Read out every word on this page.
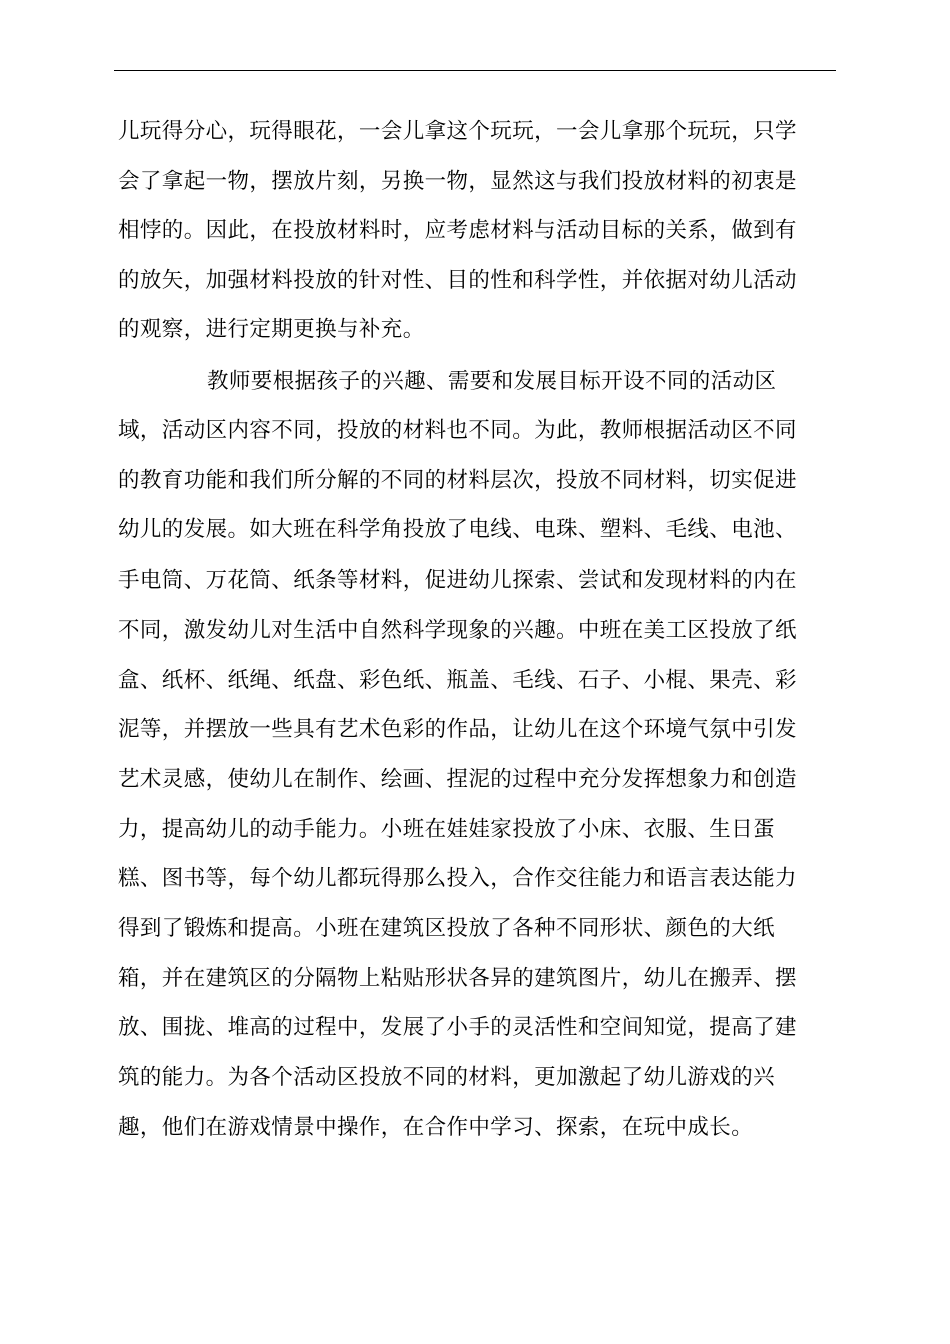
儿玩得分心，玩得眼花，一会儿拿这个玩玩，一会儿拿那个玩玩，只学
会了拿起一物，摆放片刻，另换一物，显然这与我们投放材料的初衷是
相悖的。因此，在投放材料时，应考虑材料与活动目标的关系，做到有
的放矢，加强材料投放的针对性、目的性和科学性，并依据对幼儿活动
的观察，进行定期更换与补充。
教师要根据孩子的兴趣、需要和发展目标开设不同的活动区
域，活动区内容不同，投放的材料也不同。为此，教师根据活动区不同
的教育功能和我们所分解的不同的材料层次，投放不同材料，切实促进
幼儿的发展。如大班在科学角投放了电线、电珠、塑料、毛线、电池、
手电筒、万花筒、纸条等材料，促进幼儿探索、尝试和发现材料的内在
不同，激发幼儿对生活中自然科学现象的兴趣。中班在美工区投放了纸
盒、纸杯、纸绳、纸盘、彩色纸、瓶盖、毛线、石子、小棍、果壳、彩
泥等，并摆放一些具有艺术色彩的作品，让幼儿在这个环境气氛中引发
艺术灵感，使幼儿在制作、绘画、捏泥的过程中充分发挥想象力和创造
力，提高幼儿的动手能力。小班在娃娃家投放了小床、衣服、生日蛋
糕、图书等，每个幼儿都玩得那么投入，合作交往能力和语言表达能力
得到了锻炼和提高。小班在建筑区投放了各种不同形状、颜色的大纸
箱，并在建筑区的分隔物上粘贴形状各异的建筑图片，幼儿在搬弄、摆
放、围拢、堆高的过程中，发展了小手的灵活性和空间知觉，提高了建
筑的能力。为各个活动区投放不同的材料，更加激起了幼儿游戏的兴
趣，他们在游戏情景中操作，在合作中学习、探索，在玩中成长。
